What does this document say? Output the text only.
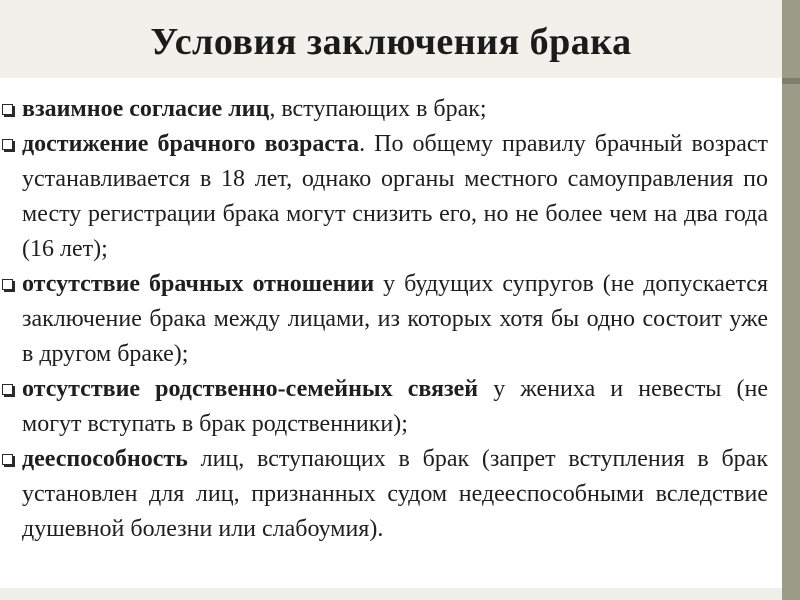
Условия заключения брака
взаимное согласие лиц, вступающих в брак;
достижение брачного возраста. По общему правилу брачный возраст устанавливается в 18 лет, однако органы местного самоуправления по месту регистрации брака могут снизить его, но не более чем на два года (16 лет);
отсутствие брачных отношении у будущих супругов (не допускается заключение брака между лицами, из которых хотя бы одно состоит уже в другом браке);
отсутствие родственно-семейных связей у жениха и невесты (не могут вступать в брак родственники);
дееспособность лиц, вступающих в брак (запрет вступления в брак установлен для лиц, признанных судом недееспособными вследствие душевной болезни или слабоумия).
